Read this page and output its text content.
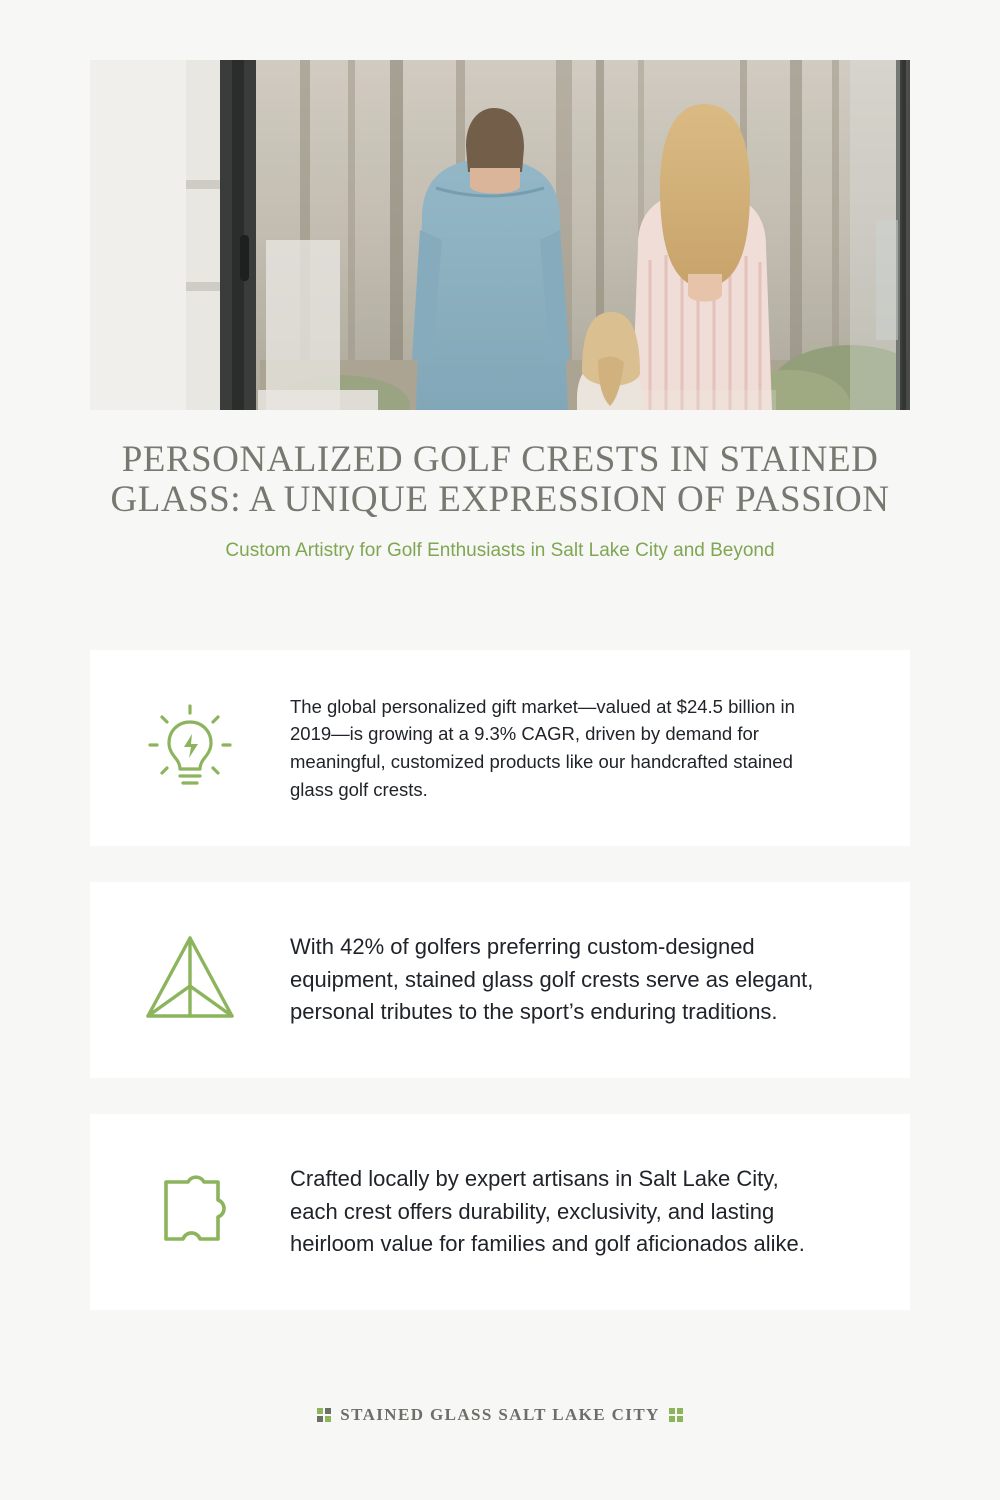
PERSONALIZED GOLF CRESTS IN STAINED GLASS: A UNIQUE EXPRESSION OF PASSION
Custom Artistry for Golf Enthusiasts in Salt Lake City and Beyond
The global personalized gift market—valued at $24.5 billion in 2019—is growing at a 9.3% CAGR, driven by demand for meaningful, customized products like our handcrafted stained glass golf crests.
With 42% of golfers preferring custom-designed equipment, stained glass golf crests serve as elegant, personal tributes to the sport’s enduring traditions.
Crafted locally by expert artisans in Salt Lake City, each crest offers durability, exclusivity, and lasting heirloom value for families and golf aficionados alike.
STAINED GLASS SALT LAKE CITY
